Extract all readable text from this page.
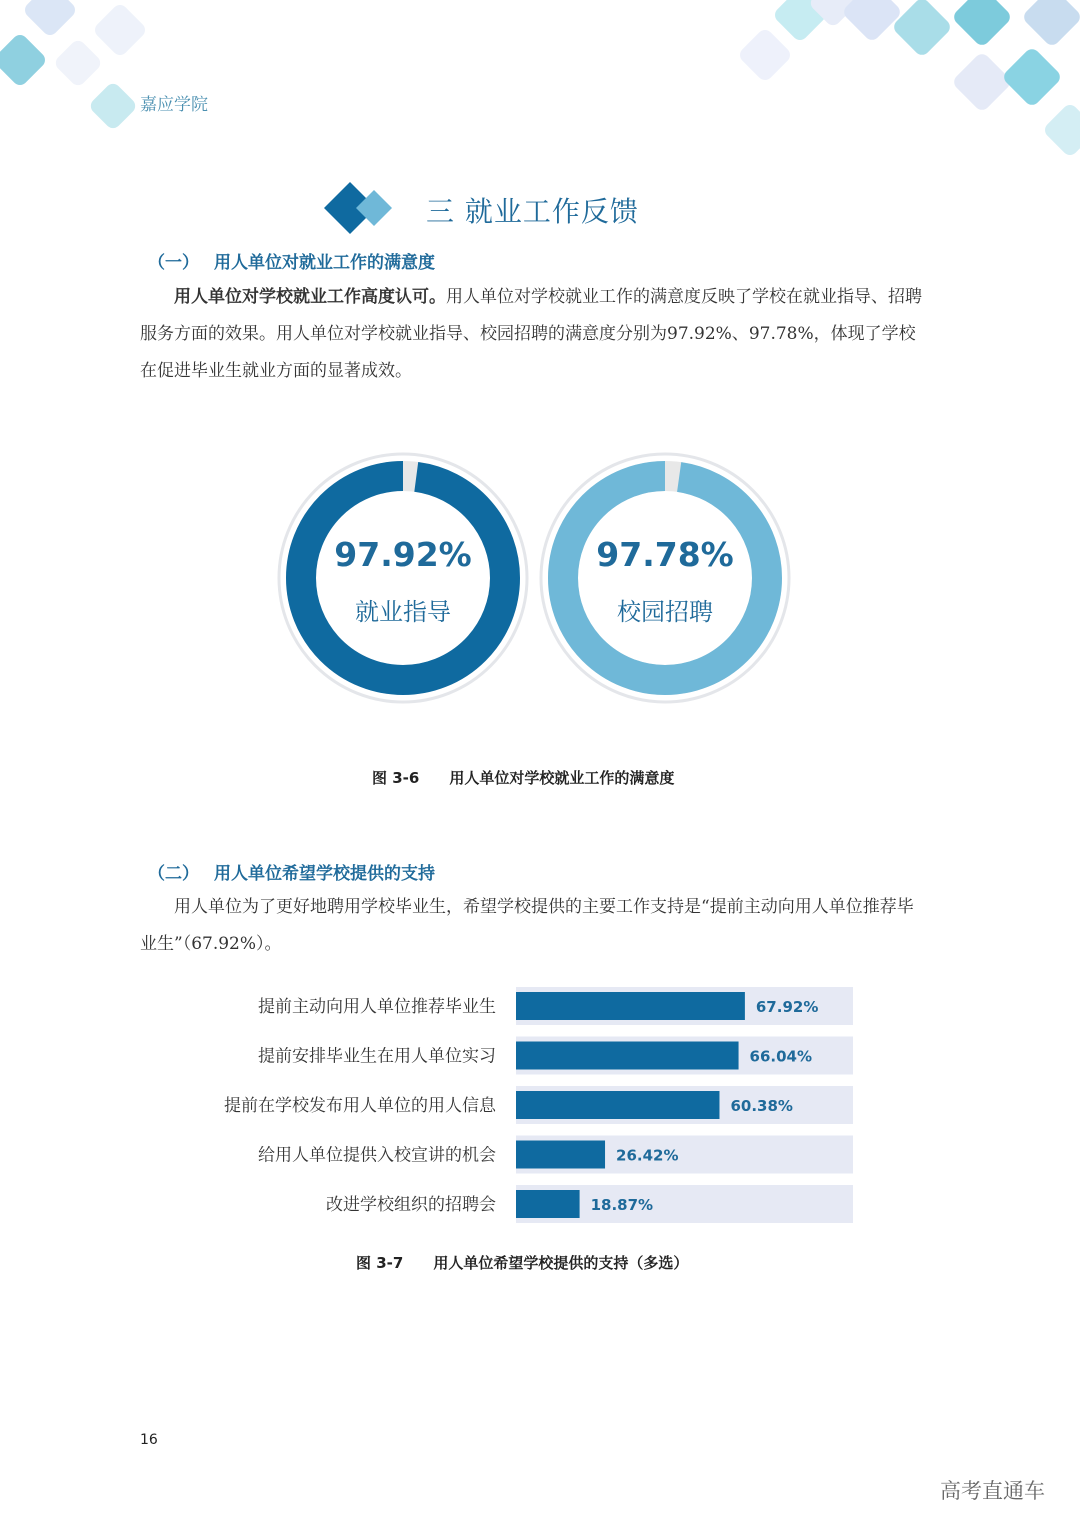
嘉应学院
三 就业工作反馈
（一） 用人单位对就业工作的满意度

用人单位对学校就业工作高度认可。用人单位对学校就业工作的满意度反映了学校在就业指导、招聘服务方面的效果。用人单位对学校就业指导、校园招聘的满意度分别为97.92%、97.78%，体现了学校在促进毕业生就业方面的显著成效。

97.92%
就业指导
97.78%
校园招聘
图 3-6 用人单位对学校就业工作的满意度
（二） 用人单位希望学校提供的支持

用人单位为了更好地聘用学校毕业生，希望学校提供的主要工作支持是“提前主动向用人单位推荐毕业生”（67.92%）。

提前主动向用人单位推荐毕业生	67.92%
提前安排毕业生在用人单位实习	66.04%
提前在学校发布用人单位的用人信息	60.38%
给用人单位提供入校宣讲的机会	26.42%
改进学校组织的招聘会	18.87%
图 3-7 用人单位希望学校提供的支持（多选）
16
高考直通车
